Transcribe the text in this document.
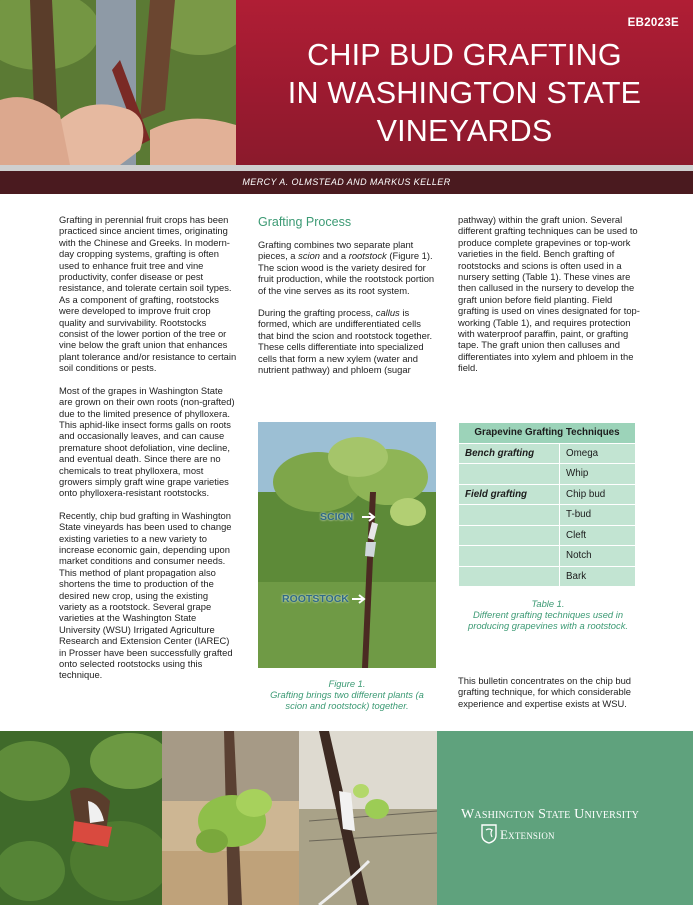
EB2023E
CHIP BUD GRAFTING
IN WASHINGTON STATE
VINEYARDS
MERCY A. OLMSTEAD AND MARKUS KELLER

Grafting in perennial fruit crops has been practiced since ancient times, originating with the Chinese and Greeks. In modern-day cropping systems, grafting is often used to enhance fruit tree and vine productivity, confer disease or pest resistance, and tolerate certain soil types. As a component of grafting, rootstocks were developed to improve fruit crop quality and survivability. Rootstocks consist of the lower portion of the tree or vine below the graft union that enhances plant tolerance and/or resistance to certain soil conditions or pests.

Most of the grapes in Washington State are grown on their own roots (non-grafted) due to the limited presence of phylloxera. This aphid-like insect forms galls on roots and occasionally leaves, and can cause premature shoot defoliation, vine decline, and eventual death. Since there are no chemicals to treat phylloxera, most growers simply graft wine grape varieties onto phylloxera-resistant rootstocks.

Recently, chip bud grafting in Washington State vineyards has been used to change existing varieties to a new variety to increase economic gain, depending upon market conditions and consumer needs. This method of plant propagation also shortens the time to production of the desired new crop, using the existing variety as a rootstock. Several grape varieties at the Washington State University (WSU) Irrigated Agriculture Research and Extension Center (IAREC) in Prosser have been successfully grafted onto selected rootstocks using this technique.

Grafting Process

Grafting combines two separate plant pieces, a scion and a rootstock (Figure 1). The scion wood is the variety desired for fruit production, while the rootstock portion of the vine serves as its root system.

During the grafting process, callus is formed, which are undifferentiated cells that bind the scion and rootstock together. These cells differentiate into specialized cells that form a new xylem (water and nutrient pathway) and phloem (sugar

pathway) within the graft union. Several different grafting techniques can be used to produce complete grapevines or top-work varieties in the field. Bench grafting of rootstocks and scions is often used in a nursery setting (Table 1). These vines are then callused in the nursery to develop the graft union before field planting. Field grafting is used on vines designated for top-working (Table 1), and requires protection with waterproof paraffin, paint, or grafting tape. The graft union then calluses and differentiates into xylem and phloem in the field.

SCION
ROOTSTOCK
Figure 1.
Grafting brings two different plants (a scion and rootstock) together.
Grapevine Grafting Techniques	
Bench grafting	Omega
	Whip
Field grafting	Chip bud
	T-bud
	Cleft
	Notch
	Bark
Table 1.
Different grafting techniques used in producing grapevines with a rootstock.
This bulletin concentrates on the chip bud grafting technique, for which considerable experience and expertise exists at WSU.
Washington State University
Extension
